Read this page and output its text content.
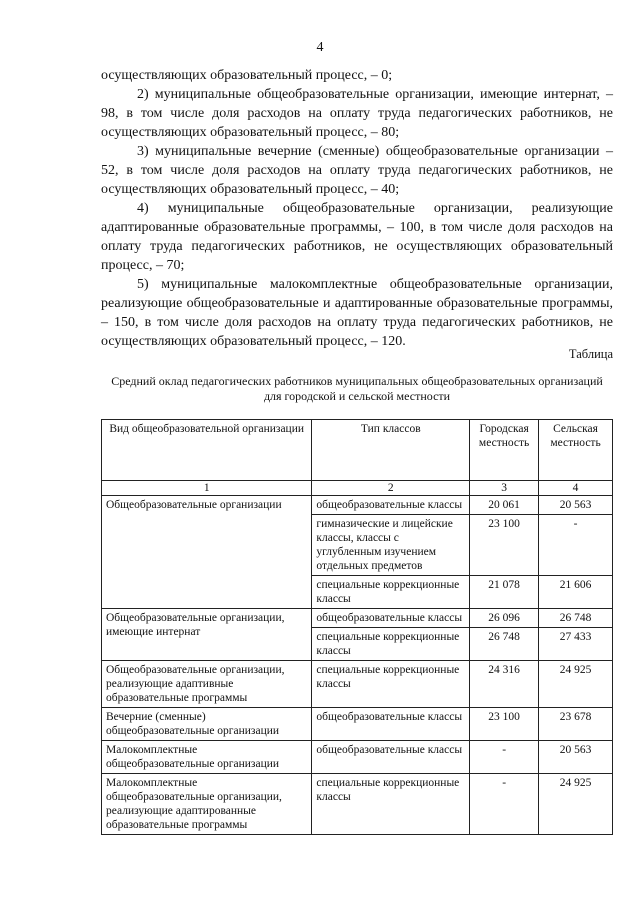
4

осуществляющих образовательный процесс, – 0;

2) муниципальные общеобразовательные организации, имеющие интернат, – 98, в том числе доля расходов на оплату труда педагогических работников, не осуществляющих образовательный процесс, – 80;

3) муниципальные вечерние (сменные) общеобразовательные организации – 52, в том числе доля расходов на оплату труда педагогических работников, не осуществляющих образовательный процесс, – 40;

4) муниципальные общеобразовательные организации, реализующие адаптированные образовательные программы, – 100, в том числе доля расходов на оплату труда педагогических работников, не осуществляющих образовательный процесс, – 70;

5) муниципальные малокомплектные общеобразовательные организации, реализующие общеобразовательные и адаптированные образовательные программы, – 150, в том числе доля расходов на оплату труда педагогических работников, не осуществляющих образовательный процесс, – 120.

Таблица
Средний оклад педагогических работников муниципальных общеобразовательных организаций для городской и сельской местности
Вид общеобразовательной организации	Тип классов	Городская местность	Сельская местность
1	2	3	4
Общеобразовательные организации	общеобразовательные классы	20 061	20 563
	гимназические и лицейские классы, классы с углубленным изучением отдельных предметов	23 100	-
	специальные коррекционные классы	21 078	21 606
Общеобразовательные организации, имеющие интернат	общеобразовательные классы	26 096	26 748
	специальные коррекционные классы	26 748	27 433
Общеобразовательные организации, реализующие адаптивные образовательные программы	специальные коррекционные классы	24 316	24 925
Вечерние (сменные) общеобразовательные организации	общеобразовательные классы	23 100	23 678
Малокомплектные общеобразовательные организации	общеобразовательные классы	-	20 563
Малокомплектные общеобразовательные организации, реализующие адаптированные образовательные программы	специальные коррекционные классы	-	24 925
